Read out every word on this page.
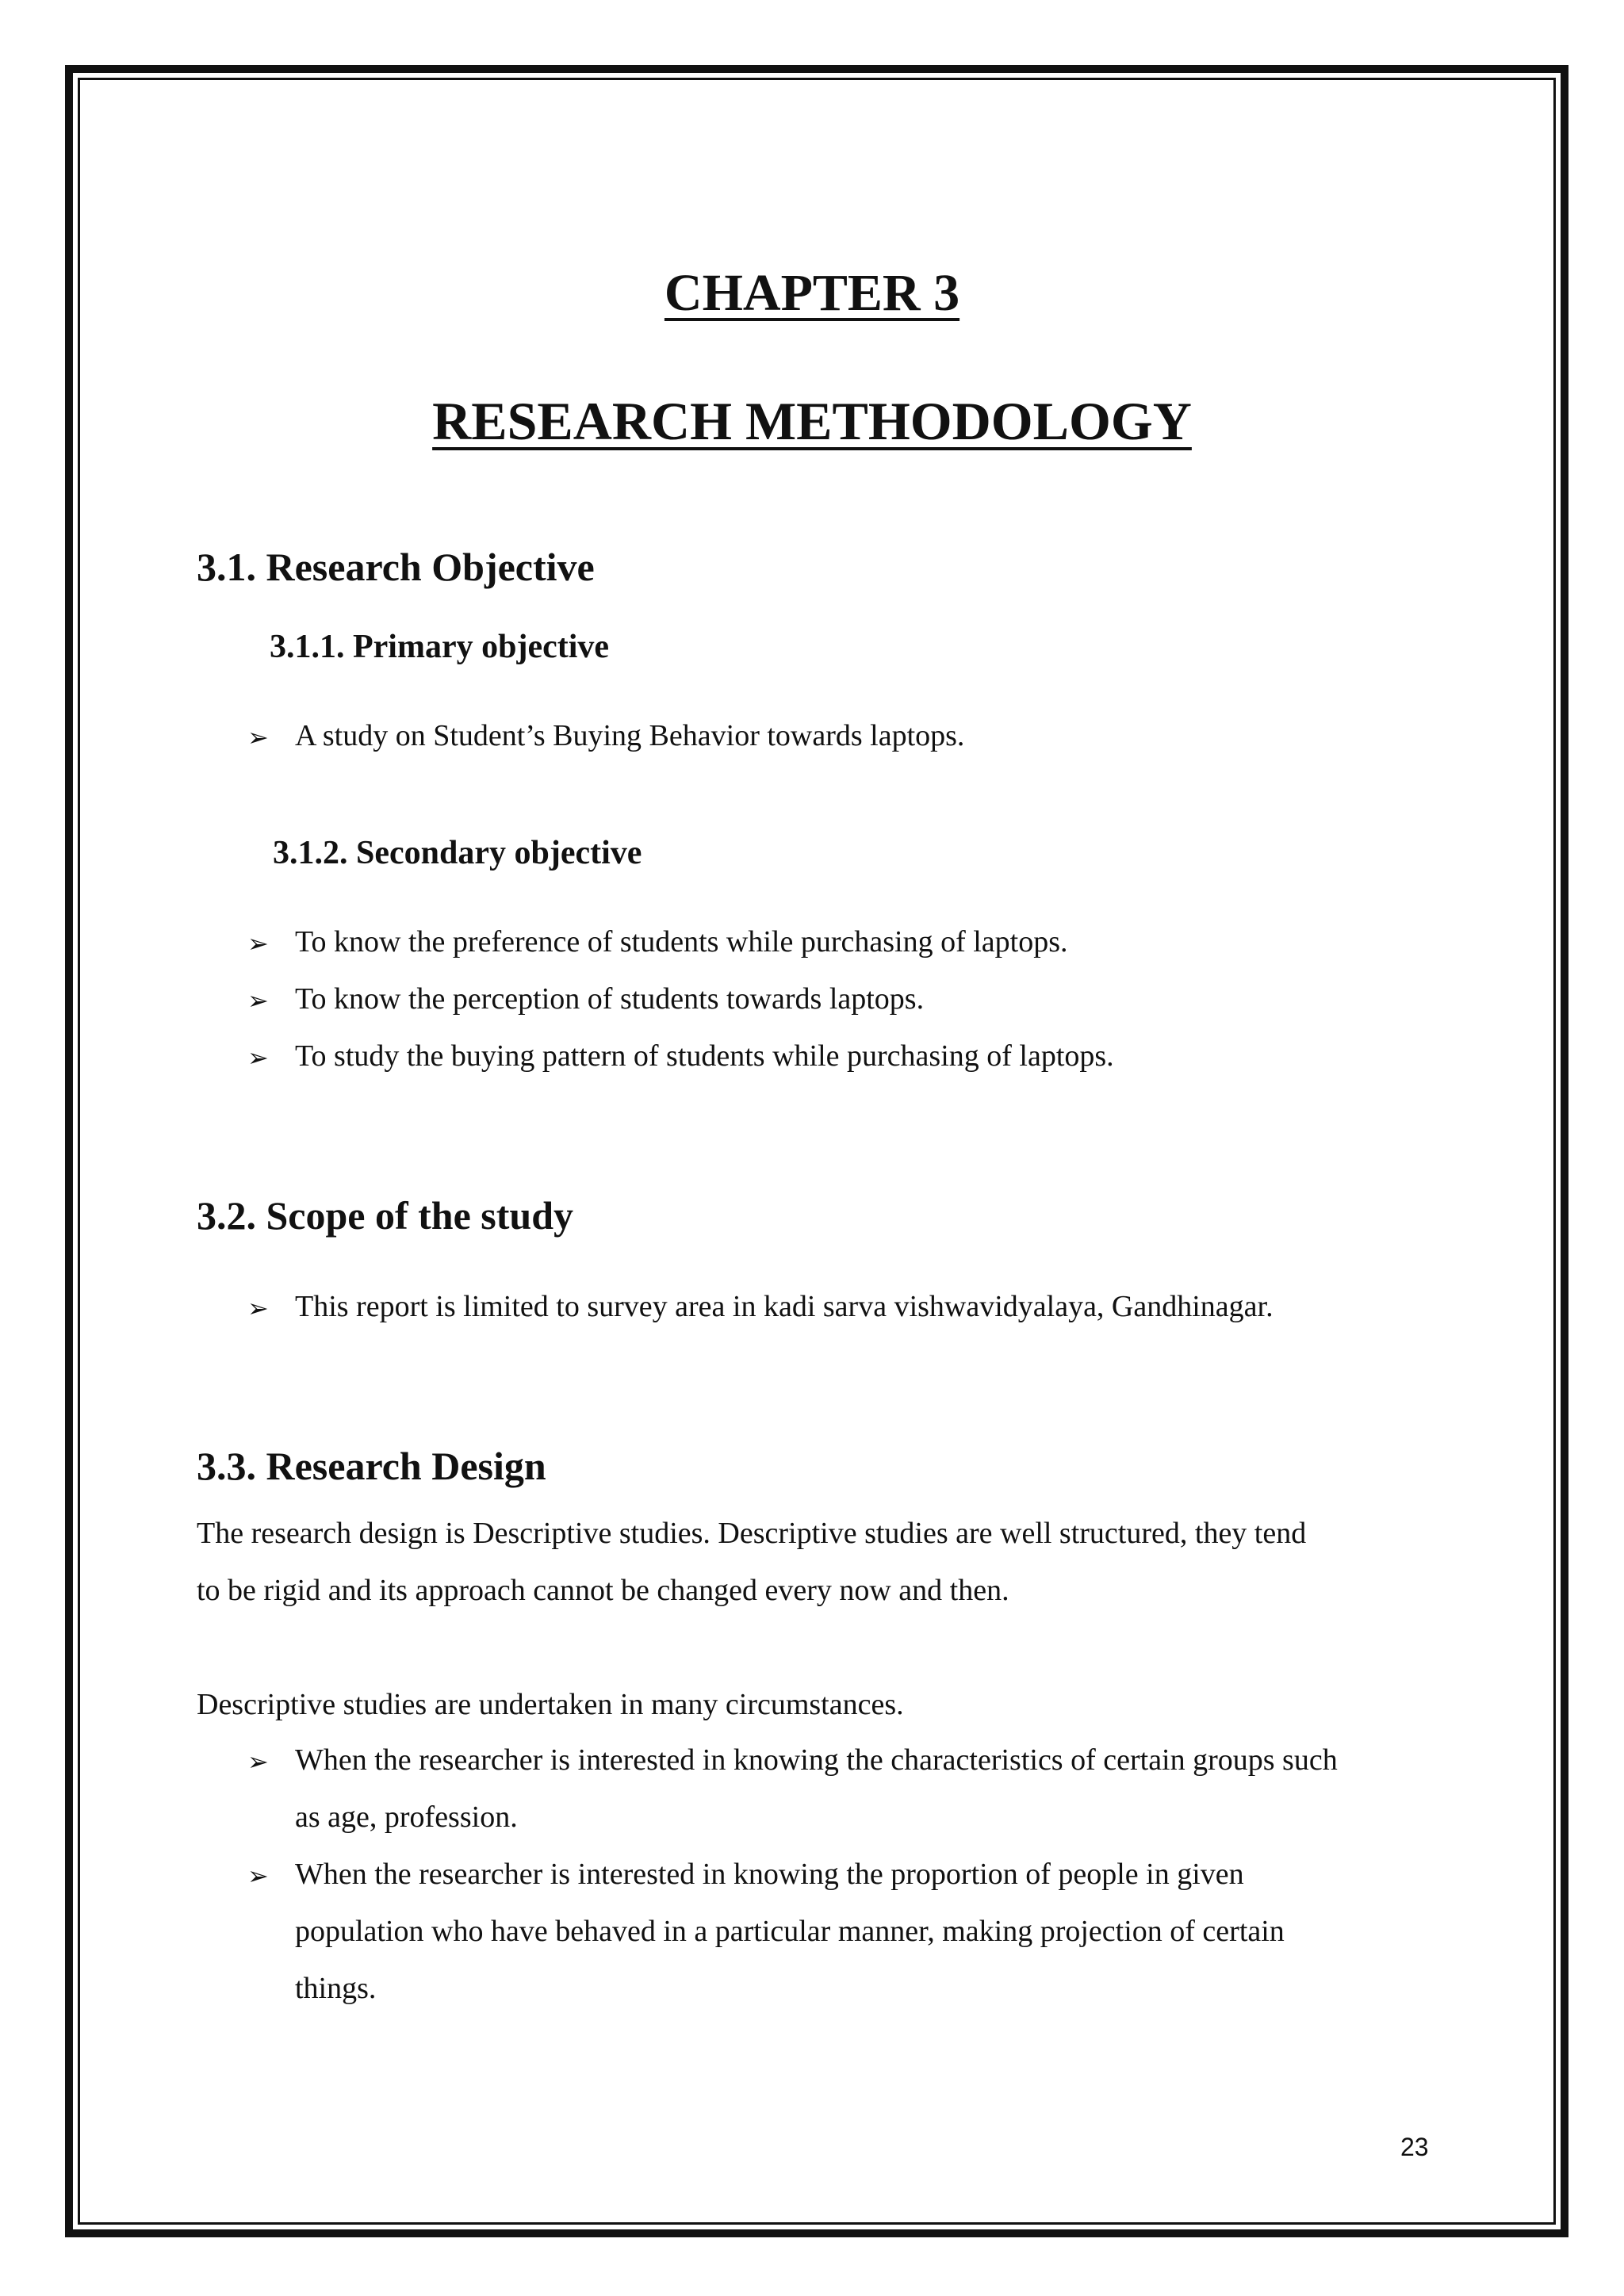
CHAPTER 3
RESEARCH METHODOLOGY
3.1. Research Objective
3.1.1. Primary objective
➢ A study on Student’s Buying Behavior towards laptops.
3.1.2. Secondary objective
➢ To know the preference of students while purchasing of laptops.
➢ To know the perception of students towards laptops.
➢ To study the buying pattern of students while purchasing of laptops.
3.2. Scope of the study
➢ This report is limited to survey area in kadi sarva vishwavidyalaya, Gandhinagar.
3.3. Research Design
The research design is Descriptive studies. Descriptive studies are well structured, they tend
to be rigid and its approach cannot be changed every now and then.
Descriptive studies are undertaken in many circumstances.
➢ When the researcher is interested in knowing the characteristics of certain groups such
as age, profession.
➢ When the researcher is interested in knowing the proportion of people in given
population who have behaved in a particular manner, making projection of certain
things.
23
